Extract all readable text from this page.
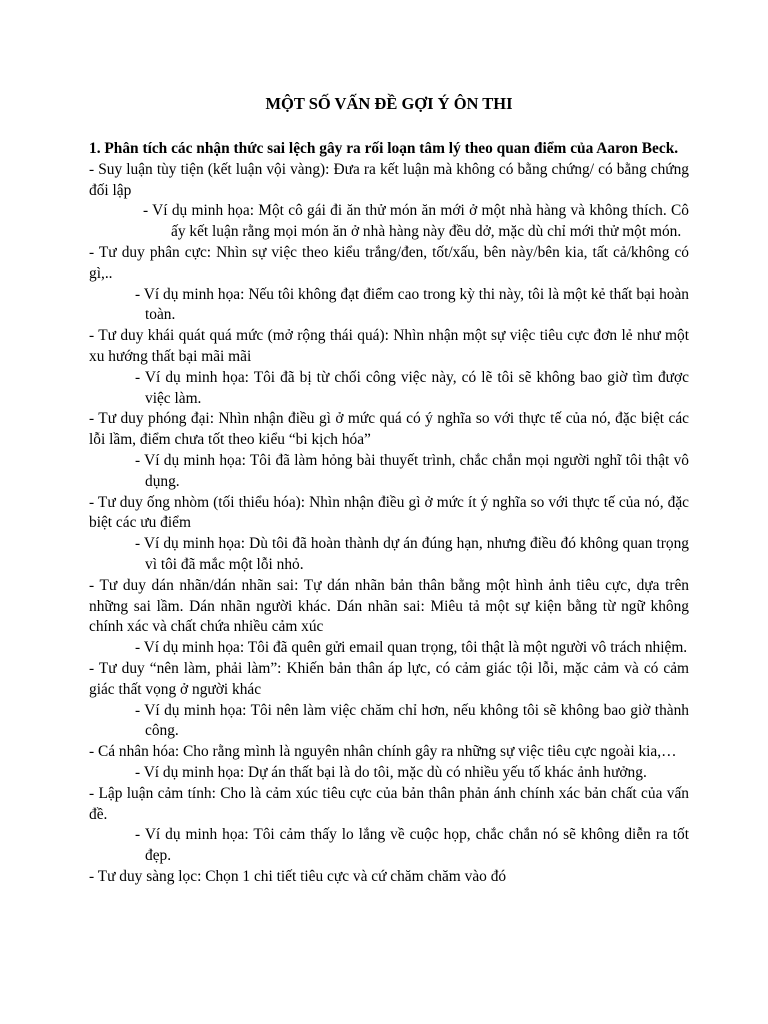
MỘT SỐ VẤN ĐỀ GỢI Ý ÔN THI

1. Phân tích các nhận thức sai lệch gây ra rối loạn tâm lý theo quan điểm của Aaron Beck.

- Suy luận tùy tiện (kết luận vội vàng): Đưa ra kết luận mà không có bằng chứng/ có bằng chứng đối lập

- Ví dụ minh họa: Một cô gái đi ăn thử món ăn mới ở một nhà hàng và không thích. Cô ấy kết luận rằng mọi món ăn ở nhà hàng này đều dở, mặc dù chỉ mới thử một món.

- Tư duy phân cực: Nhìn sự việc theo kiểu trắng/đen, tốt/xấu, bên này/bên kia, tất cả/không có gì,..

- Ví dụ minh họa: Nếu tôi không đạt điểm cao trong kỳ thi này, tôi là một kẻ thất bại hoàn toàn.

- Tư duy khái quát quá mức (mở rộng thái quá): Nhìn nhận một sự việc tiêu cực đơn lẻ như một xu hướng thất bại mãi mãi

- Ví dụ minh họa: Tôi đã bị từ chối công việc này, có lẽ tôi sẽ không bao giờ tìm được việc làm.

- Tư duy phóng đại: Nhìn nhận điều gì ở mức quá có ý nghĩa so với thực tế của nó, đặc biệt các lỗi lầm, điểm chưa tốt theo kiểu “bi kịch hóa”

- Ví dụ minh họa: Tôi đã làm hỏng bài thuyết trình, chắc chắn mọi người nghĩ tôi thật vô dụng.

- Tư duy ống nhòm (tối thiểu hóa): Nhìn nhận điều gì ở mức ít ý nghĩa so với thực tế của nó, đặc biệt các ưu điểm

- Ví dụ minh họa: Dù tôi đã hoàn thành dự án đúng hạn, nhưng điều đó không quan trọng vì tôi đã mắc một lỗi nhỏ.

- Tư duy dán nhãn/dán nhãn sai: Tự dán nhãn bản thân bằng một hình ảnh tiêu cực, dựa trên những sai lầm. Dán nhãn người khác. Dán nhãn sai: Miêu tả một sự kiện bằng từ ngữ không chính xác và chất chứa nhiều cảm xúc

- Ví dụ minh họa: Tôi đã quên gửi email quan trọng, tôi thật là một người vô trách nhiệm.

- Tư duy “nên làm, phải làm”: Khiến bản thân áp lực, có cảm giác tội lỗi, mặc cảm và có cảm giác thất vọng ở người khác

- Ví dụ minh họa: Tôi nên làm việc chăm chỉ hơn, nếu không tôi sẽ không bao giờ thành công.

- Cá nhân hóa: Cho rằng mình là nguyên nhân chính gây ra những sự việc tiêu cực ngoài kia,…

- Ví dụ minh họa: Dự án thất bại là do tôi, mặc dù có nhiều yếu tố khác ảnh hưởng.

- Lập luận cảm tính: Cho là cảm xúc tiêu cực của bản thân phản ánh chính xác bản chất của vấn đề.

- Ví dụ minh họa: Tôi cảm thấy lo lắng về cuộc họp, chắc chắn nó sẽ không diễn ra tốt đẹp.

- Tư duy sàng lọc: Chọn 1 chi tiết tiêu cực và cứ chăm chăm vào đó
